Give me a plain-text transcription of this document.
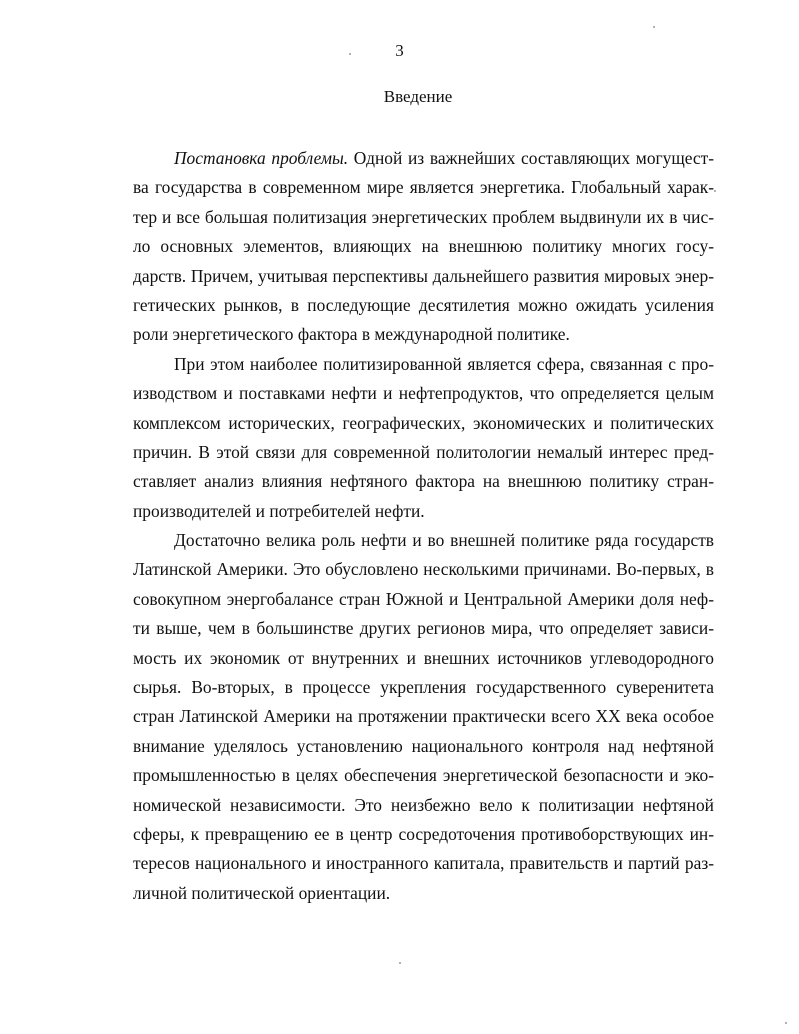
3
Введение
Постановка проблемы. Одной из важнейших составляющих могущест-
ва государства в современном мире является энергетика. Глобальный харак-
тер и все большая политизация энергетических проблем выдвинули их в чис-
ло основных элементов, влияющих на внешнюю политику многих госу-
дарств. Причем, учитывая перспективы дальнейшего развития мировых энер-
гетических рынков, в последующие десятилетия можно ожидать усиления
роли энергетического фактора в международной политике.
При этом наиболее политизированной является сфера, связанная с про-
изводством и поставками нефти и нефтепродуктов, что определяется целым
комплексом исторических, географических, экономических и политических
причин. В этой связи для современной политологии немалый интерес пред-
ставляет анализ влияния нефтяного фактора на внешнюю политику стран-
производителей и потребителей нефти.
Достаточно велика роль нефти и во внешней политике ряда государств
Латинской Америки. Это обусловлено несколькими причинами. Во-первых, в
совокупном энергобалансе стран Южной и Центральной Америки доля неф-
ти выше, чем в большинстве других регионов мира, что определяет зависи-
мость их экономик от внутренних и внешних источников углеводородного
сырья. Во-вторых, в процессе укрепления государственного суверенитета
стран Латинской Америки на протяжении практически всего XX века особое
внимание уделялось установлению национального контроля над нефтяной
промышленностью в целях обеспечения энергетической безопасности и эко-
номической независимости. Это неизбежно вело к политизации нефтяной
сферы, к превращению ее в центр сосредоточения противоборствующих ин-
тересов национального и иностранного капитала, правительств и партий раз-
личной политической ориентации.
